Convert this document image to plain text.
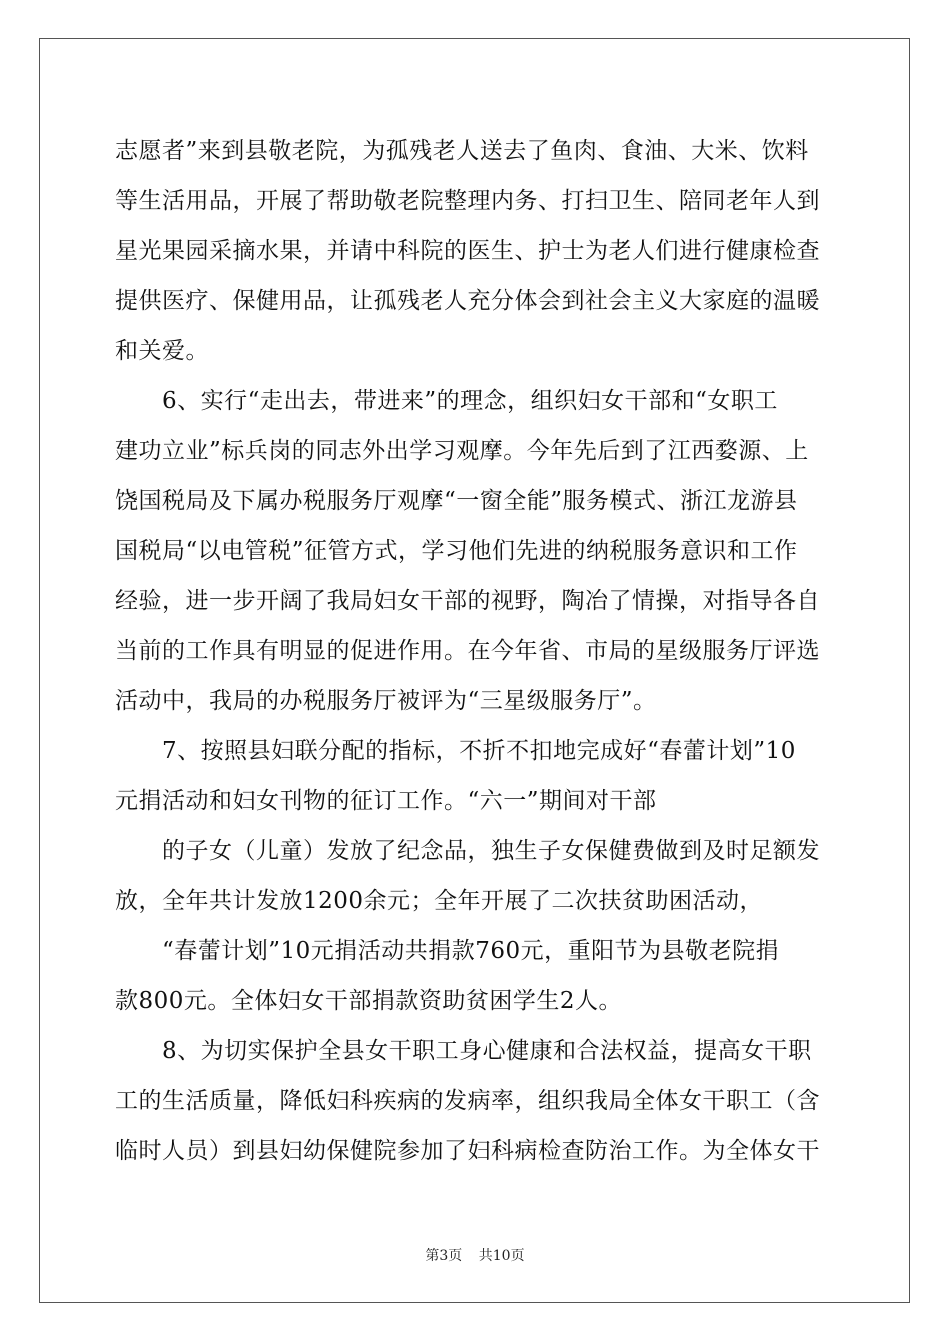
志愿者”来到县敬老院，为孤残老人送去了鱼肉、食油、大米、饮料
等生活用品，开展了帮助敬老院整理内务、打扫卫生、陪同老年人到
星光果园采摘水果，并请中科院的医生、护士为老人们进行健康检查
提供医疗、保健用品，让孤残老人充分体会到社会主义大家庭的温暖
和关爱。
6、实行“走出去，带进来”的理念，组织妇女干部和“女职工
建功立业”标兵岗的同志外出学习观摩。今年先后到了江西婺源、上
饶国税局及下属办税服务厅观摩“一窗全能”服务模式、浙江龙游县
国税局“以电管税”征管方式，学习他们先进的纳税服务意识和工作
经验，进一步开阔了我局妇女干部的视野，陶冶了情操，对指导各自
当前的工作具有明显的促进作用。在今年省、市局的星级服务厅评选
活动中，我局的办税服务厅被评为“三星级服务厅”。
7、按照县妇联分配的指标，不折不扣地完成好“春蕾计划”10
元捐活动和妇女刊物的征订工作。“六一”期间对干部
的子女（儿童）发放了纪念品，独生子女保健费做到及时足额发
放，全年共计发放1200余元；全年开展了二次扶贫助困活动，
“春蕾计划”10元捐活动共捐款760元，重阳节为县敬老院捐
款800元。全体妇女干部捐款资助贫困学生2人。
8、为切实保护全县女干职工身心健康和合法权益，提高女干职
工的生活质量，降低妇科疾病的发病率，组织我局全体女干职工（含
临时人员）到县妇幼保健院参加了妇科病检查防治工作。为全体女干
第3页 共10页
